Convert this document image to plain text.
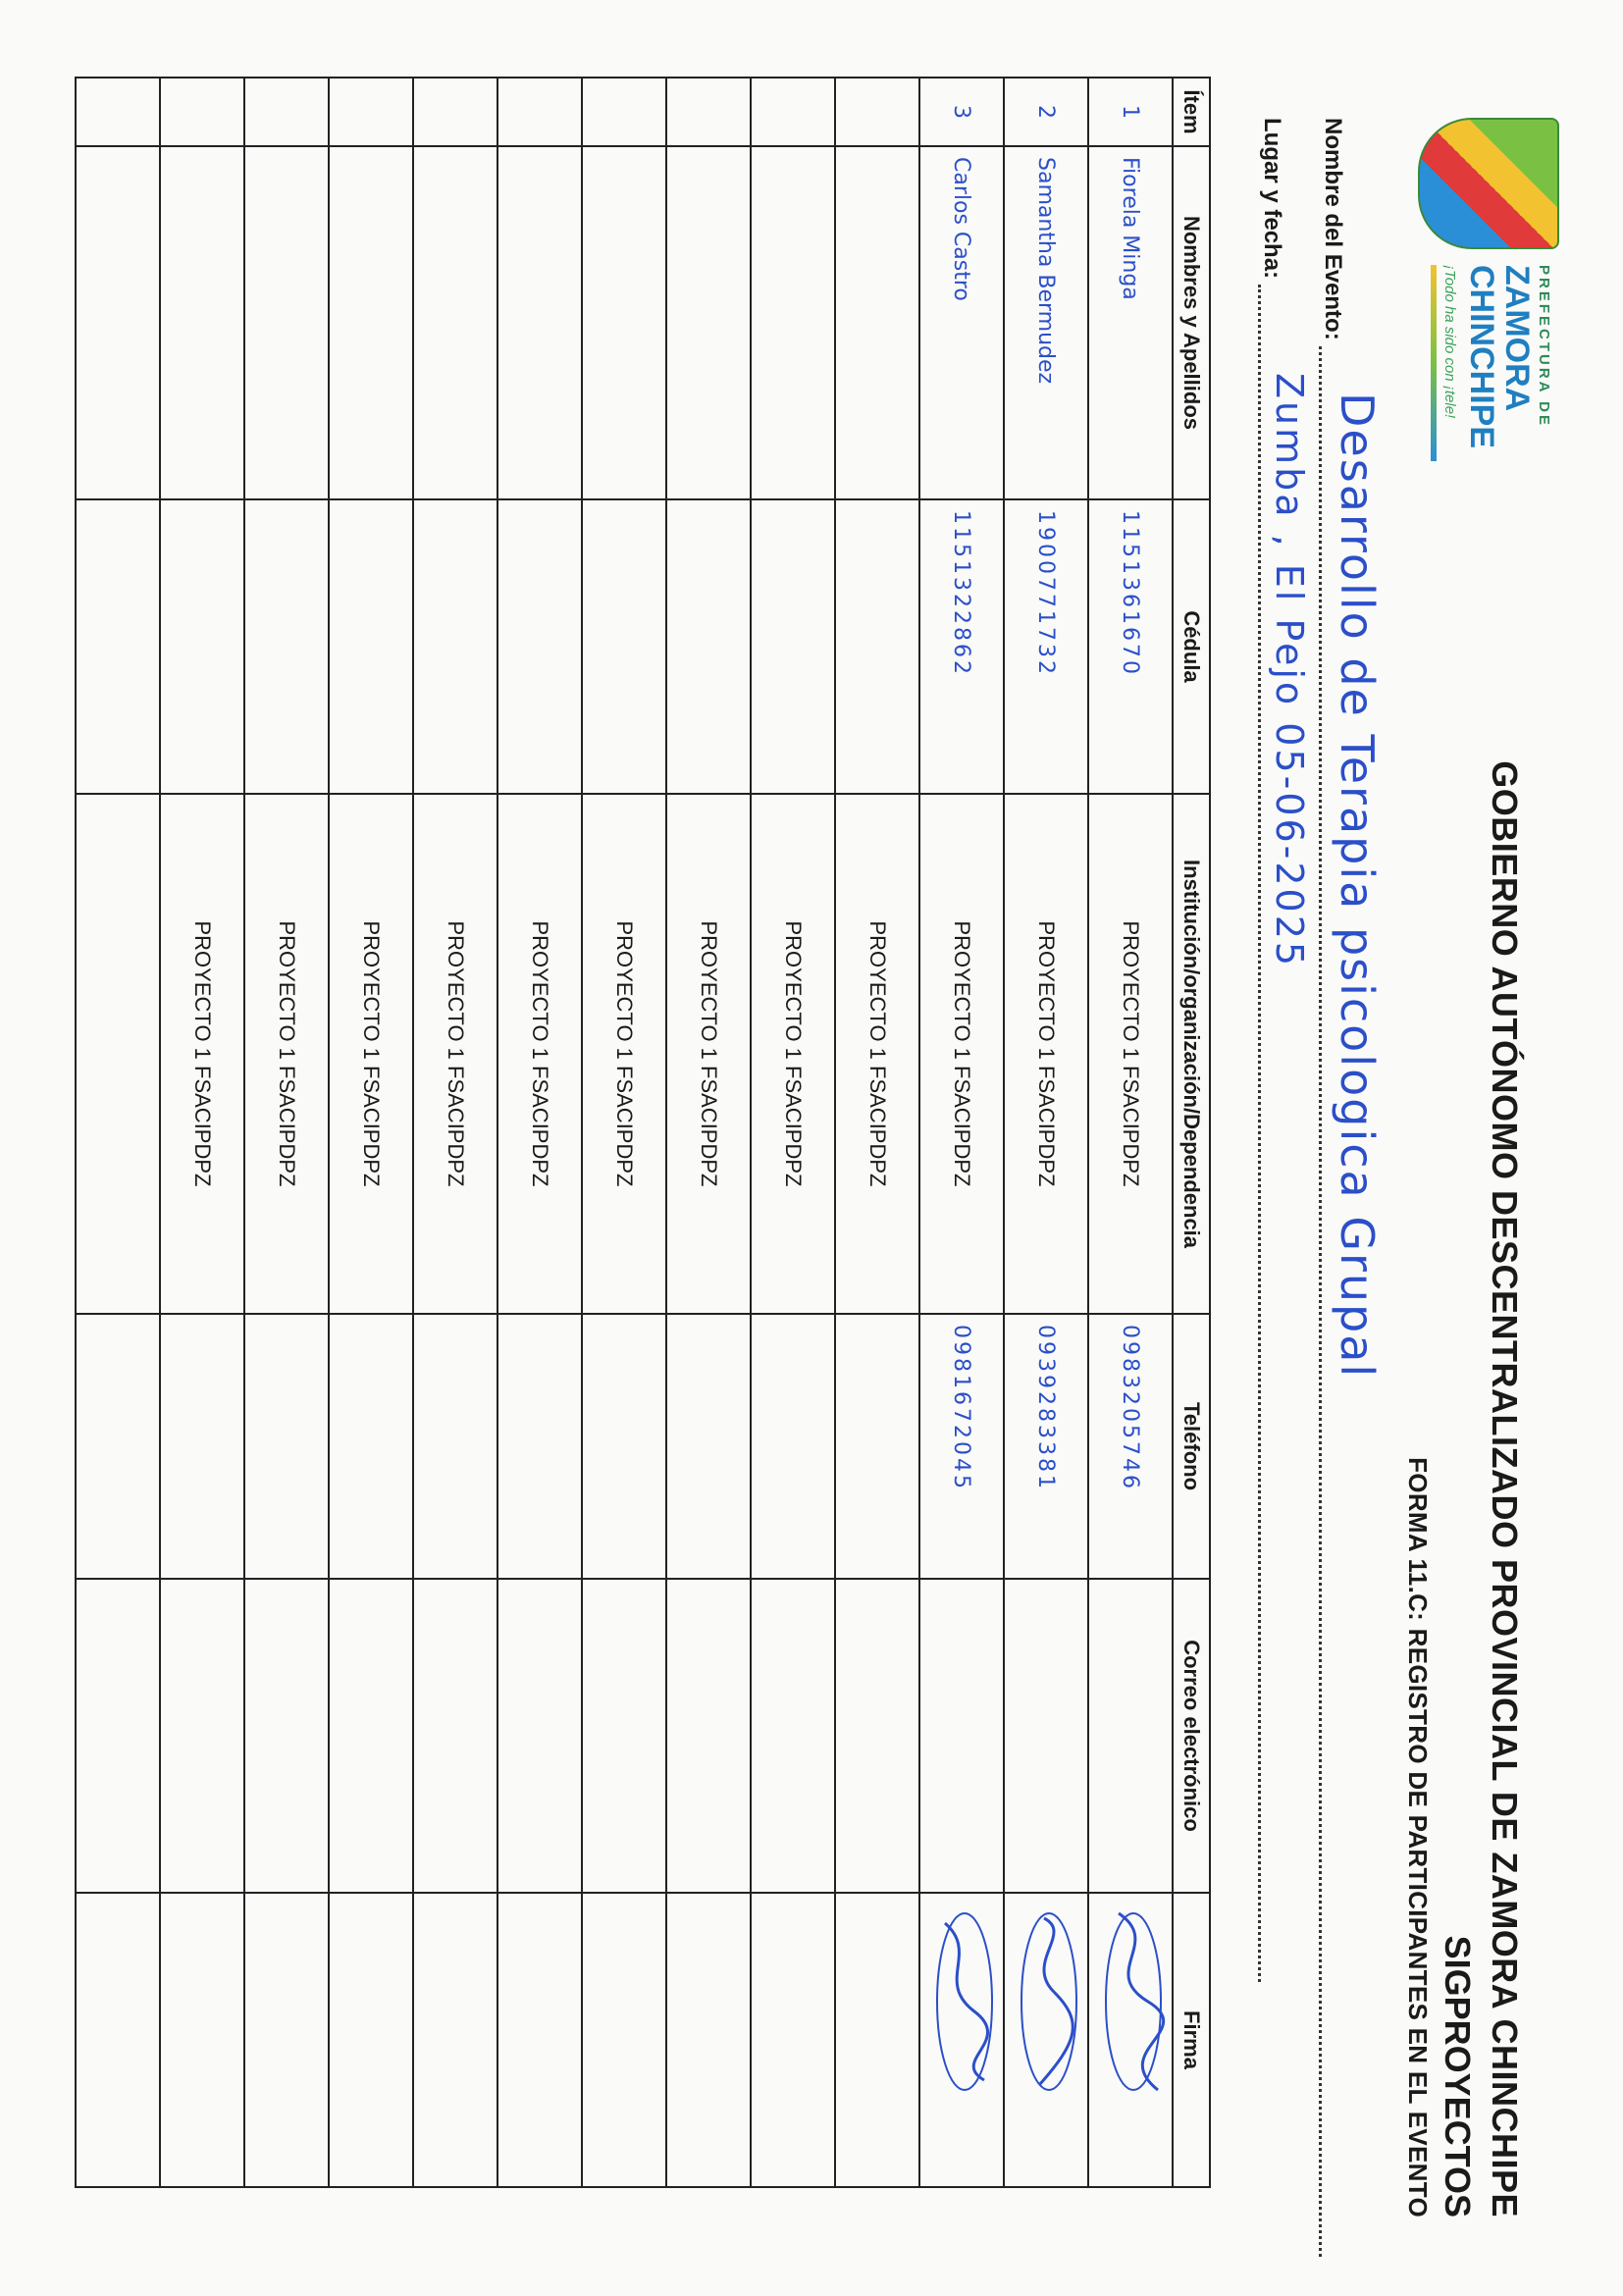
PREFECTURA DE
ZAMORA
CHINCHIPE
¡Todo ha sido con ¡tele!
GOBIERNO AUTÓNOMO DESCENTRALIZADO PROVINCIAL DE ZAMORA CHINCHIPE
SIGPROYECTOS
FORMA 11.C: REGISTRO DE PARTICIPANTES EN EL EVENTO
Nombre del Evento:
Desarrollo de Terapia psicologica Grupal
Lugar y fecha:
Zumba , El Pejo 05-06-2025
Ítem	Nombres y Apellidos	Cédula	Institución/organización/Dependencia	Teléfono	Correo electrónico	Firma
1	Fiorela Minga	1151361670	PROYECTO 1 FSACIPDPZ	0983205746		
2	Samantha Bermudez	1900771732	PROYECTO 1 FSACIPDPZ	0939283381		
3	Carlos Castro	1151322862	PROYECTO 1 FSACIPDPZ	0981672045		
			PROYECTO 1 FSACIPDPZ			
			PROYECTO 1 FSACIPDPZ			
			PROYECTO 1 FSACIPDPZ			
			PROYECTO 1 FSACIPDPZ			
			PROYECTO 1 FSACIPDPZ			
			PROYECTO 1 FSACIPDPZ			
			PROYECTO 1 FSACIPDPZ			
			PROYECTO 1 FSACIPDPZ			
			PROYECTO 1 FSACIPDPZ			
